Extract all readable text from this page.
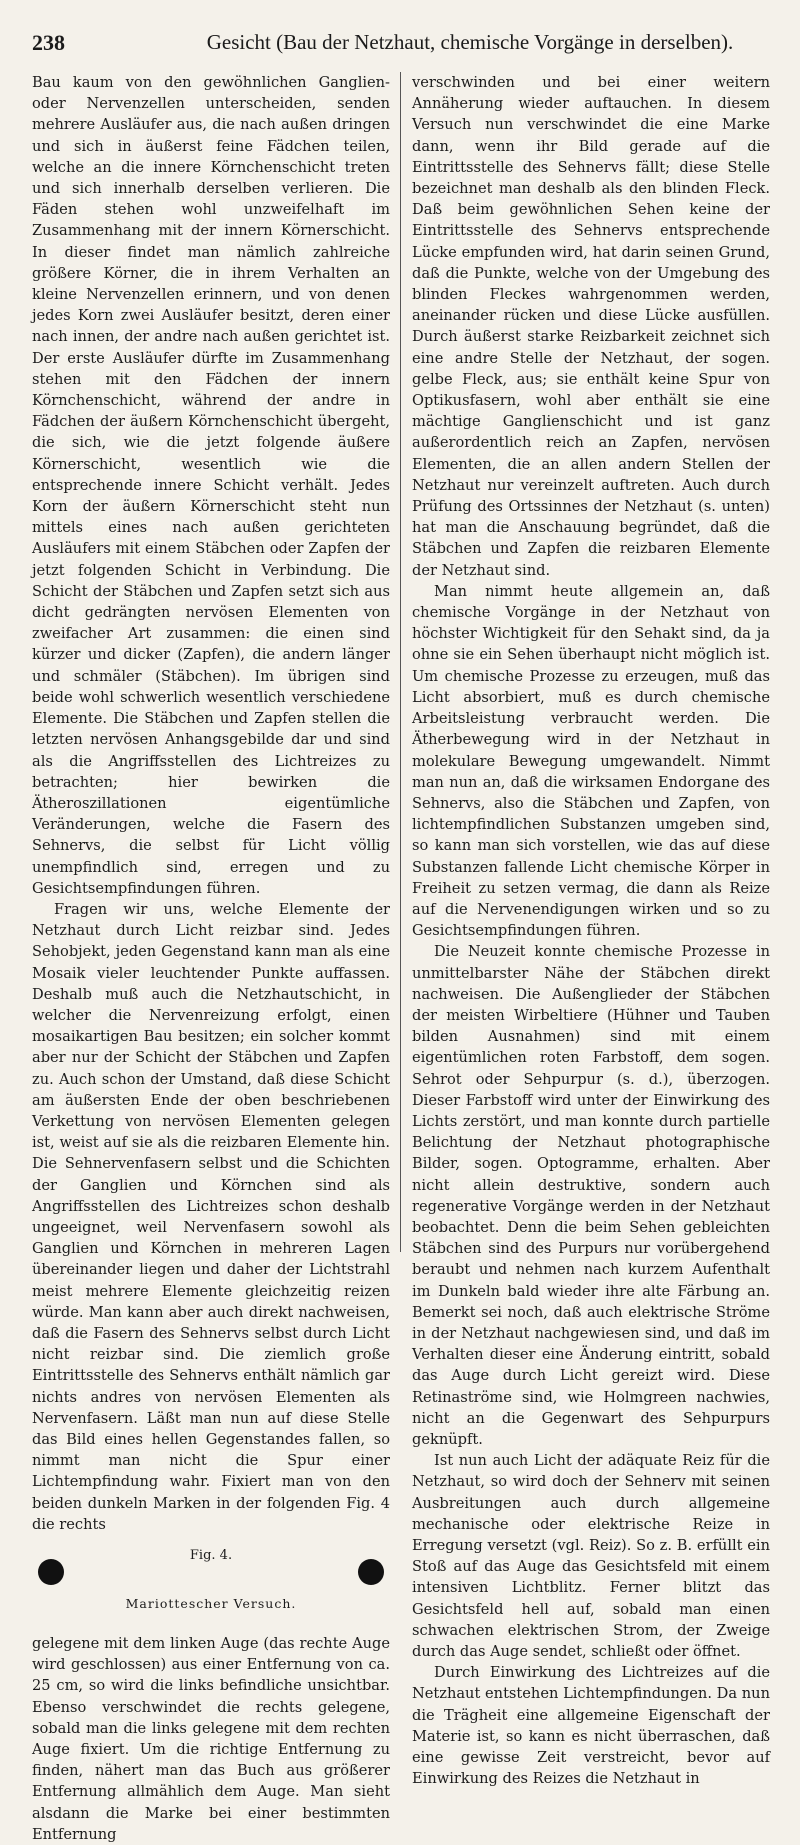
238	Gesicht (Bau der Netzhaut, chemische Vorgänge in derselben).

Bau kaum von den gewöhnlichen Ganglien- oder Nervenzellen unterscheiden, senden mehrere Ausläufer aus, die nach außen dringen und sich in äußerst feine Fädchen teilen, welche an die innere Körnchenschicht treten und sich innerhalb derselben verlieren. Die Fäden stehen wohl unzweifelhaft im Zusammenhang mit der innern Körnerschicht. In dieser findet man nämlich zahlreiche größere Körner, die in ihrem Verhalten an kleine Nervenzellen erinnern, und von denen jedes Korn zwei Ausläufer besitzt, deren einer nach innen, der andre nach außen gerichtet ist. Der erste Ausläufer dürfte im Zusammenhang stehen mit den Fädchen der innern Körnchenschicht, während der andre in Fädchen der äußern Körnchenschicht übergeht, die sich, wie die jetzt folgende äußere Körnerschicht, wesentlich wie die entsprechende innere Schicht verhält. Jedes Korn der äußern Körnerschicht steht nun mittels eines nach außen gerichteten Ausläufers mit einem Stäbchen oder Zapfen der jetzt folgenden Schicht in Verbindung. Die Schicht der Stäbchen und Zapfen setzt sich aus dicht gedrängten nervösen Elementen von zweifacher Art zusammen: die einen sind kürzer und dicker (Zapfen), die andern länger und schmäler (Stäbchen). Im übrigen sind beide wohl schwerlich wesentlich verschiedene Elemente. Die Stäbchen und Zapfen stellen die letzten nervösen Anhangsgebilde dar und sind als die Angriffsstellen des Lichtreizes zu betrachten; hier bewirken die Ätheroszillationen eigentümliche Veränderungen, welche die Fasern des Sehnervs, die selbst für Licht völlig unempfindlich sind, erregen und zu Gesichtsempfindungen führen.

Fragen wir uns, welche Elemente der Netzhaut durch Licht reizbar sind. Jedes Sehobjekt, jeden Gegenstand kann man als eine Mosaik vieler leuchtender Punkte auffassen. Deshalb muß auch die Netzhautschicht, in welcher die Nervenreizung erfolgt, einen mosaikartigen Bau besitzen; ein solcher kommt aber nur der Schicht der Stäbchen und Zapfen zu. Auch schon der Umstand, daß diese Schicht am äußersten Ende der oben beschriebenen Verkettung von nervösen Elementen gelegen ist, weist auf sie als die reizbaren Elemente hin. Die Sehnervenfasern selbst und die Schichten der Ganglien und Körnchen sind als Angriffsstellen des Lichtreizes schon deshalb ungeeignet, weil Nervenfasern sowohl als Ganglien und Körnchen in mehreren Lagen übereinander liegen und daher der Lichtstrahl meist mehrere Elemente gleichzeitig reizen würde. Man kann aber auch direkt nachweisen, daß die Fasern des Sehnervs selbst durch Licht nicht reizbar sind. Die ziemlich große Eintrittsstelle des Sehnervs enthält nämlich gar nichts andres von nervösen Elementen als Nervenfasern. Läßt man nun auf diese Stelle das Bild eines hellen Gegenstandes fallen, so nimmt man nicht die Spur einer Lichtempfindung wahr. Fixiert man von den beiden dunkeln Marken in der folgenden Fig. 4 die rechts

Fig. 4.
Mariottescher Versuch.

gelegene mit dem linken Auge (das rechte Auge wird geschlossen) aus einer Entfernung von ca. 25 cm, so wird die links befindliche unsichtbar. Ebenso verschwindet die rechts gelegene, sobald man die links gelegene mit dem rechten Auge fixiert. Um die richtige Entfernung zu finden, nähert man das Buch aus größerer Entfernung allmählich dem Auge. Man sieht alsdann die Marke bei einer bestimmten Entfernung

verschwinden und bei einer weitern Annäherung wieder auftauchen. In diesem Versuch nun verschwindet die eine Marke dann, wenn ihr Bild gerade auf die Eintrittsstelle des Sehnervs fällt; diese Stelle bezeichnet man deshalb als den blinden Fleck. Daß beim gewöhnlichen Sehen keine der Eintrittsstelle des Sehnervs entsprechende Lücke empfunden wird, hat darin seinen Grund, daß die Punkte, welche von der Umgebung des blinden Fleckes wahrgenommen werden, aneinander rücken und diese Lücke ausfüllen. Durch äußerst starke Reizbarkeit zeichnet sich eine andre Stelle der Netzhaut, der sogen. gelbe Fleck, aus; sie enthält keine Spur von Optikusfasern, wohl aber enthält sie eine mächtige Ganglienschicht und ist ganz außerordentlich reich an Zapfen, nervösen Elementen, die an allen andern Stellen der Netzhaut nur vereinzelt auftreten. Auch durch Prüfung des Ortssinnes der Netzhaut (s. unten) hat man die Anschauung begründet, daß die Stäbchen und Zapfen die reizbaren Elemente der Netzhaut sind.

Man nimmt heute allgemein an, daß chemische Vorgänge in der Netzhaut von höchster Wichtigkeit für den Sehakt sind, da ja ohne sie ein Sehen überhaupt nicht möglich ist. Um chemische Prozesse zu erzeugen, muß das Licht absorbiert, muß es durch chemische Arbeitsleistung verbraucht werden. Die Ätherbewegung wird in der Netzhaut in molekulare Bewegung umgewandelt. Nimmt man nun an, daß die wirksamen Endorgane des Sehnervs, also die Stäbchen und Zapfen, von lichtempfindlichen Substanzen umgeben sind, so kann man sich vorstellen, wie das auf diese Substanzen fallende Licht chemische Körper in Freiheit zu setzen vermag, die dann als Reize auf die Nervenendigungen wirken und so zu Gesichtsempfindungen führen.

Die Neuzeit konnte chemische Prozesse in unmittelbarster Nähe der Stäbchen direkt nachweisen. Die Außenglieder der Stäbchen der meisten Wirbeltiere (Hühner und Tauben bilden Ausnahmen) sind mit einem eigentümlichen roten Farbstoff, dem sogen. Sehrot oder Sehpurpur (s. d.), überzogen. Dieser Farbstoff wird unter der Einwirkung des Lichts zerstört, und man konnte durch partielle Belichtung der Netzhaut photographische Bilder, sogen. Optogramme, erhalten. Aber nicht allein destruktive, sondern auch regenerative Vorgänge werden in der Netzhaut beobachtet. Denn die beim Sehen gebleichten Stäbchen sind des Purpurs nur vorübergehend beraubt und nehmen nach kurzem Aufenthalt im Dunkeln bald wieder ihre alte Färbung an. Bemerkt sei noch, daß auch elektrische Ströme in der Netzhaut nachgewiesen sind, und daß im Verhalten dieser eine Änderung eintritt, sobald das Auge durch Licht gereizt wird. Diese Retinaströme sind, wie Holmgreen nachwies, nicht an die Gegenwart des Sehpurpurs geknüpft.

Ist nun auch Licht der adäquate Reiz für die Netzhaut, so wird doch der Sehnerv mit seinen Ausbreitungen auch durch allgemeine mechanische oder elektrische Reize in Erregung versetzt (vgl. Reiz). So z. B. erfüllt ein Stoß auf das Auge das Gesichtsfeld mit einem intensiven Lichtblitz. Ferner blitzt das Gesichtsfeld hell auf, sobald man einen schwachen elektrischen Strom, der Zweige durch das Auge sendet, schließt oder öffnet.

Durch Einwirkung des Lichtreizes auf die Netzhaut entstehen Lichtempfindungen. Da nun die Trägheit eine allgemeine Eigenschaft der Materie ist, so kann es nicht überraschen, daß eine gewisse Zeit verstreicht, bevor auf Einwirkung des Reizes die Netzhaut in
